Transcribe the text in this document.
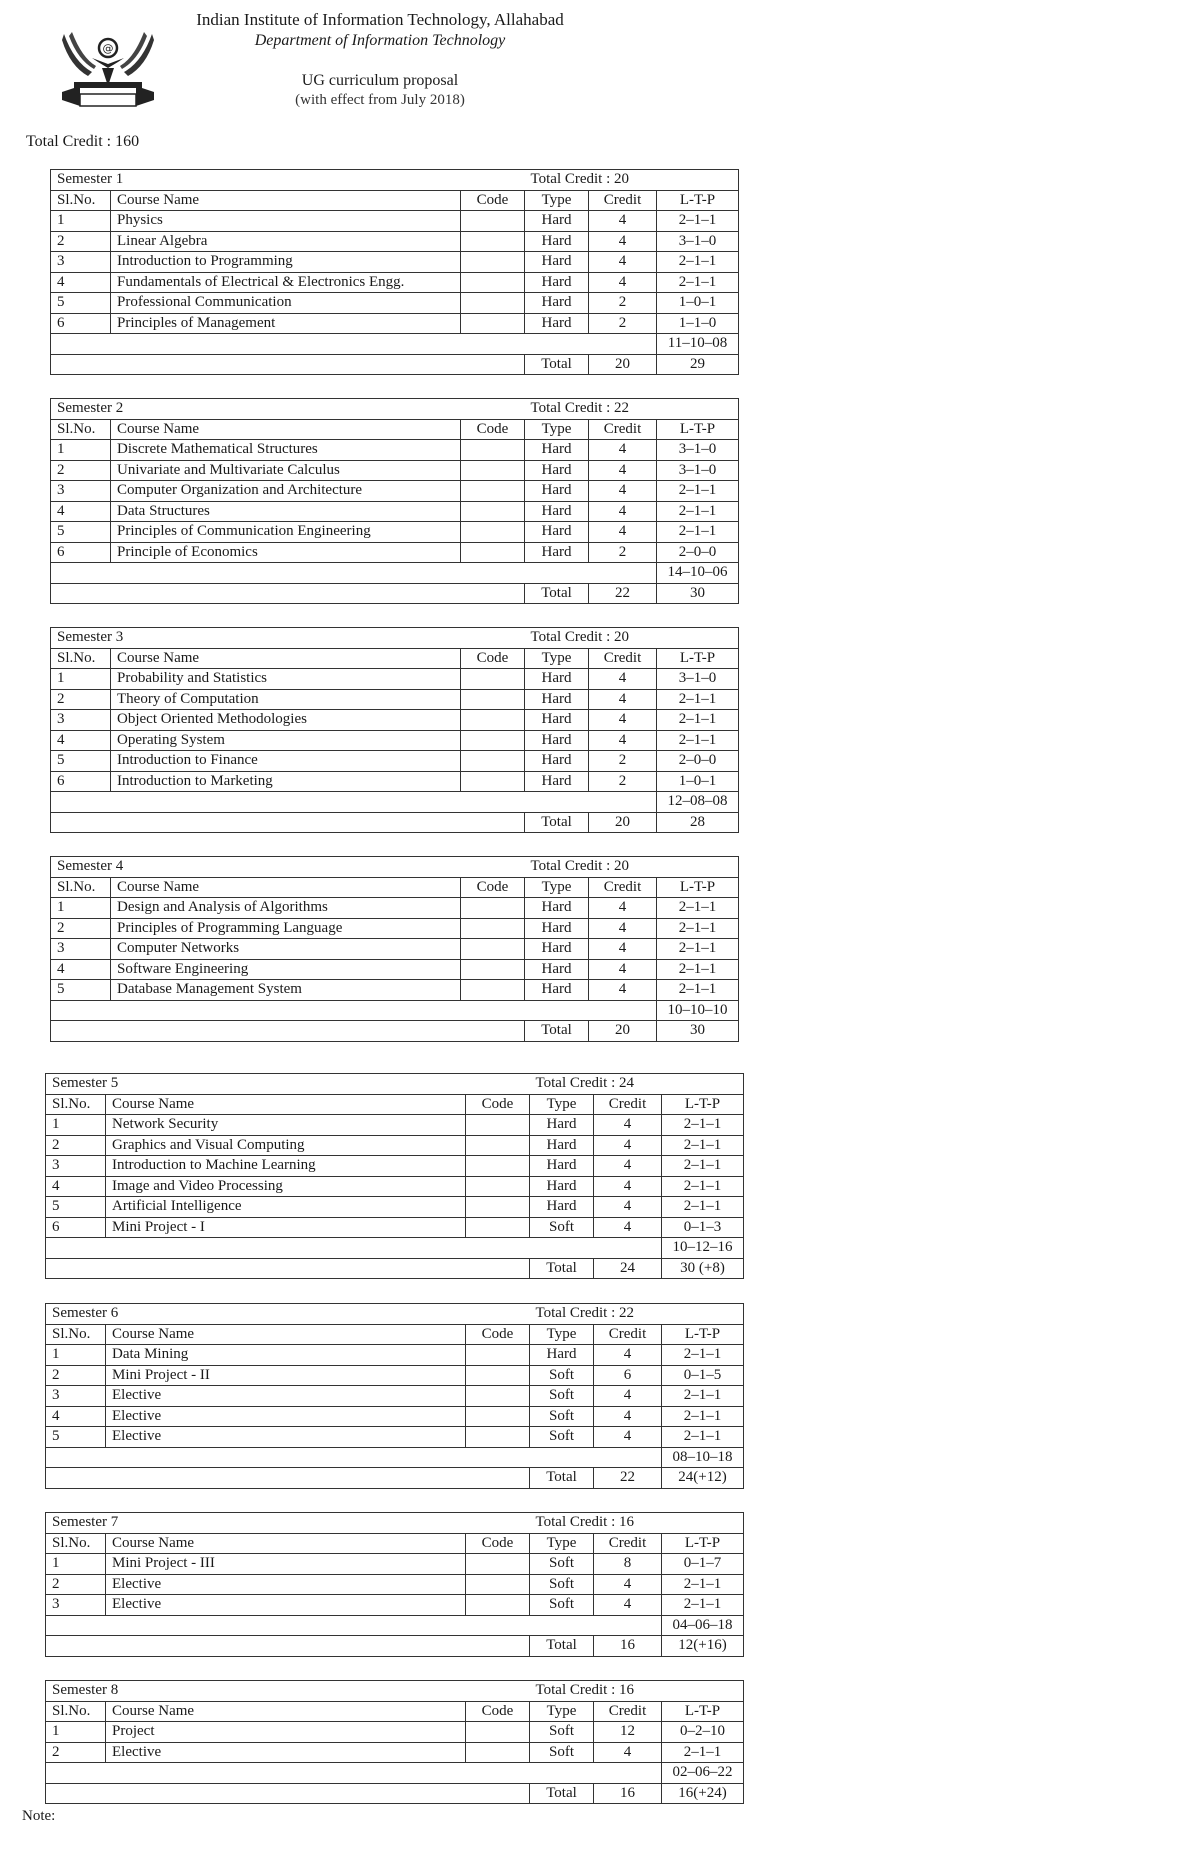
@
Indian Institute of Information Technology, Allahabad
Department of Information Technology
UG curriculum proposal
(with effect from July 2018)
Total Credit : 160
Semester 1			Total Credit : 20		
Sl.No.	Course Name	Code	Type	Credit	L-T-P
1	Physics		Hard	4	2–1–1
2	Linear Algebra		Hard	4	3–1–0
3	Introduction to Programming		Hard	4	2–1–1
4	Fundamentals of Electrical & Electronics Engg.		Hard	4	2–1–1
5	Professional Communication		Hard	2	1–0–1
6	Principles of Management		Hard	2	1–1–0
					11–10–08
			Total	20	29
Semester 2			Total Credit : 22		
Sl.No.	Course Name	Code	Type	Credit	L-T-P
1	Discrete Mathematical Structures		Hard	4	3–1–0
2	Univariate and Multivariate Calculus		Hard	4	3–1–0
3	Computer Organization and Architecture		Hard	4	2–1–1
4	Data Structures		Hard	4	2–1–1
5	Principles of Communication Engineering		Hard	4	2–1–1
6	Principle of Economics		Hard	2	2–0–0
					14–10–06
			Total	22	30
Semester 3			Total Credit : 20		
Sl.No.	Course Name	Code	Type	Credit	L-T-P
1	Probability and Statistics		Hard	4	3–1–0
2	Theory of Computation		Hard	4	2–1–1
3	Object Oriented Methodologies		Hard	4	2–1–1
4	Operating System		Hard	4	2–1–1
5	Introduction to Finance		Hard	2	2–0–0
6	Introduction to Marketing		Hard	2	1–0–1
					12–08–08
			Total	20	28
Semester 4			Total Credit : 20		
Sl.No.	Course Name	Code	Type	Credit	L-T-P
1	Design and Analysis of Algorithms		Hard	4	2–1–1
2	Principles of Programming Language		Hard	4	2–1–1
3	Computer Networks		Hard	4	2–1–1
4	Software Engineering		Hard	4	2–1–1
5	Database Management System		Hard	4	2–1–1
					10–10–10
			Total	20	30
Semester 5			Total Credit : 24		
Sl.No.	Course Name	Code	Type	Credit	L-T-P
1	Network Security		Hard	4	2–1–1
2	Graphics and Visual Computing		Hard	4	2–1–1
3	Introduction to Machine Learning		Hard	4	2–1–1
4	Image and Video Processing		Hard	4	2–1–1
5	Artificial Intelligence		Hard	4	2–1–1
6	Mini Project - I		Soft	4	0–1–3
					10–12–16
			Total	24	30 (+8)
Semester 6			Total Credit : 22		
Sl.No.	Course Name	Code	Type	Credit	L-T-P
1	Data Mining		Hard	4	2–1–1
2	Mini Project - II		Soft	6	0–1–5
3	Elective		Soft	4	2–1–1
4	Elective		Soft	4	2–1–1
5	Elective		Soft	4	2–1–1
					08–10–18
			Total	22	24(+12)
Semester 7			Total Credit : 16		
Sl.No.	Course Name	Code	Type	Credit	L-T-P
1	Mini Project - III		Soft	8	0–1–7
2	Elective		Soft	4	2–1–1
3	Elective		Soft	4	2–1–1
					04–06–18
			Total	16	12(+16)
Semester 8			Total Credit : 16		
Sl.No.	Course Name	Code	Type	Credit	L-T-P
1	Project		Soft	12	0–2–10
2	Elective		Soft	4	2–1–1
					02–06–22
			Total	16	16(+24)
Note:
